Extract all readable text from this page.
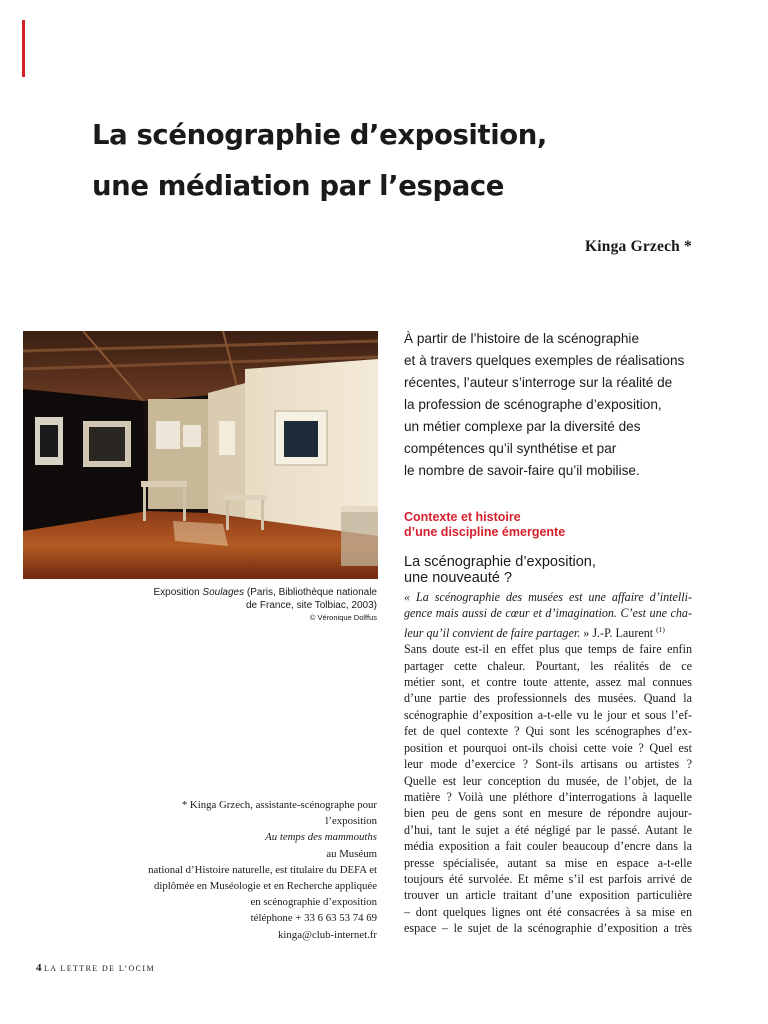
La scénographie d’exposition,
une médiation par l’espace
Kinga Grzech *
Exposition Soulages (Paris, Bibliothèque nationale
de France, site Tolbiac, 2003)
© Véronique Dolffus
À partir de l’histoire de la scénographie
et à travers quelques exemples de réalisations
récentes, l’auteur s’interroge sur la réalité de
la profession de scénographe d’exposition,
un métier complexe par la diversité des
compétences qu’il synthétise et par
le nombre de savoir-faire qu’il mobilise.
Contexte et histoire
d’une discipline émergente
La scénographie d’exposition,
une nouveauté ?
« La scénographie des musées est une affaire d’intelli-
gence mais aussi de cœur et d’imagination. C’est une cha-
leur qu’il convient de faire partager. » J.-P. Laurent $^{(1)}$
Sans doute est-il en effet plus que temps de faire enfin
partager cette chaleur. Pourtant, les réalités de ce
métier sont, et contre toute attente, assez mal connues
d’une partie des professionnels des musées. Quand la
scénographie d’exposition a-t-elle vu le jour et sous l’ef-
fet de quel contexte ? Qui sont les scénographes d’ex-
position et pourquoi ont-ils choisi cette voie ? Quel est
leur mode d’exercice ? Sont-ils artisans ou artistes ?
Quelle est leur conception du musée, de l’objet, de la
matière ? Voilà une pléthore d’interrogations à laquelle
bien peu de gens sont en mesure de répondre aujour-
d’hui, tant le sujet a été négligé par le passé. Autant le
média exposition a fait couler beaucoup d’encre dans la
presse spécialisée, autant sa mise en espace a-t-elle
toujours été survolée. Et même s’il est parfois arrivé de
trouver un article traitant d’une exposition particulière
– dont quelques lignes ont été consacrées à sa mise en
espace – le sujet de la scénographie d’exposition a très
* Kinga Grzech, assistante-scénographe pour
l’exposition
Au temps des mammouths
au Muséum
national d’Histoire naturelle, est titulaire du DEFA et
diplômée en Muséologie et en Recherche appliquée
en scénographie d’exposition
téléphone + 33 6 63 53 74 69
kinga@club-internet.fr
4 LA LETTRE DE L’OCIM
